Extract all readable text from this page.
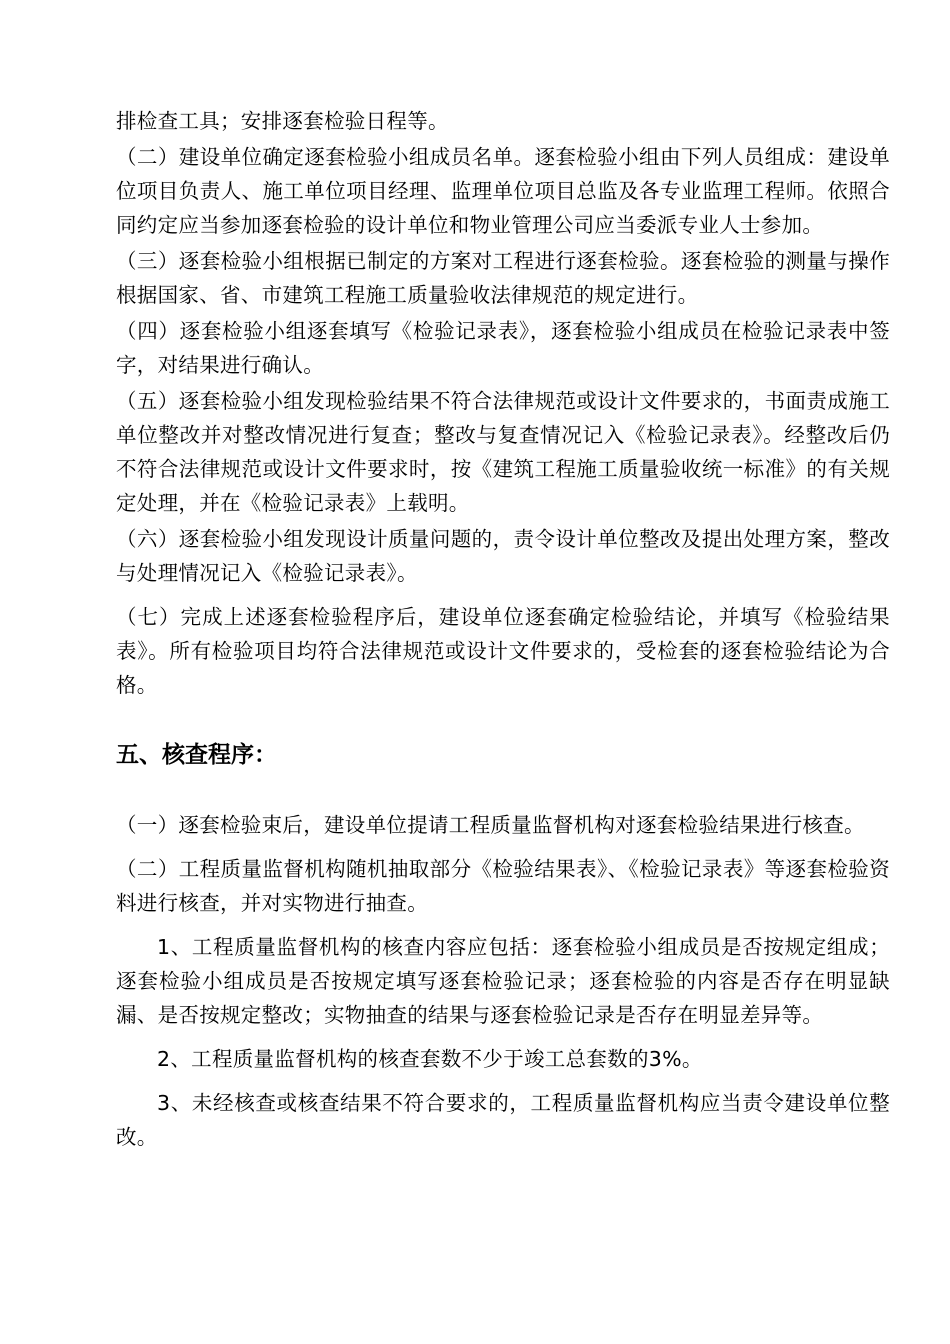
排检查工具；安排逐套检验日程等。

（二）建设单位确定逐套检验小组成员名单。逐套检验小组由下列人员组成：建设单位项目负责人、施工单位项目经理、监理单位项目总监及各专业监理工程师。依照合同约定应当参加逐套检验的设计单位和物业管理公司应当委派专业人士参加。

（三）逐套检验小组根据已制定的方案对工程进行逐套检验。逐套检验的测量与操作根据国家、省、市建筑工程施工质量验收法律规范的规定进行。

（四）逐套检验小组逐套填写《检验记录表》，逐套检验小组成员在检验记录表中签字，对结果进行确认。

（五）逐套检验小组发现检验结果不符合法律规范或设计文件要求的，书面责成施工单位整改并对整改情况进行复查；整改与复查情况记入《检验记录表》。经整改后仍不符合法律规范或设计文件要求时，按《建筑工程施工质量验收统一标准》的有关规定处理，并在《检验记录表》上载明。

（六）逐套检验小组发现设计质量问题的，责令设计单位整改及提出处理方案，整改与处理情况记入《检验记录表》。

（七）完成上述逐套检验程序后，建设单位逐套确定检验结论，并填写《检验结果表》。所有检验项目均符合法律规范或设计文件要求的，受检套的逐套检验结论为合格。

五、核查程序：

（一）逐套检验束后，建设单位提请工程质量监督机构对逐套检验结果进行核查。

（二）工程质量监督机构随机抽取部分《检验结果表》、《检验记录表》等逐套检验资料进行核查，并对实物进行抽查。

1、工程质量监督机构的核查内容应包括：逐套检验小组成员是否按规定组成；逐套检验小组成员是否按规定填写逐套检验记录；逐套检验的内容是否存在明显缺漏、是否按规定整改；实物抽查的结果与逐套检验记录是否存在明显差异等。

2、工程质量监督机构的核查套数不少于竣工总套数的3%。

3、未经核查或核查结果不符合要求的，工程质量监督机构应当责令建设单位整改。
